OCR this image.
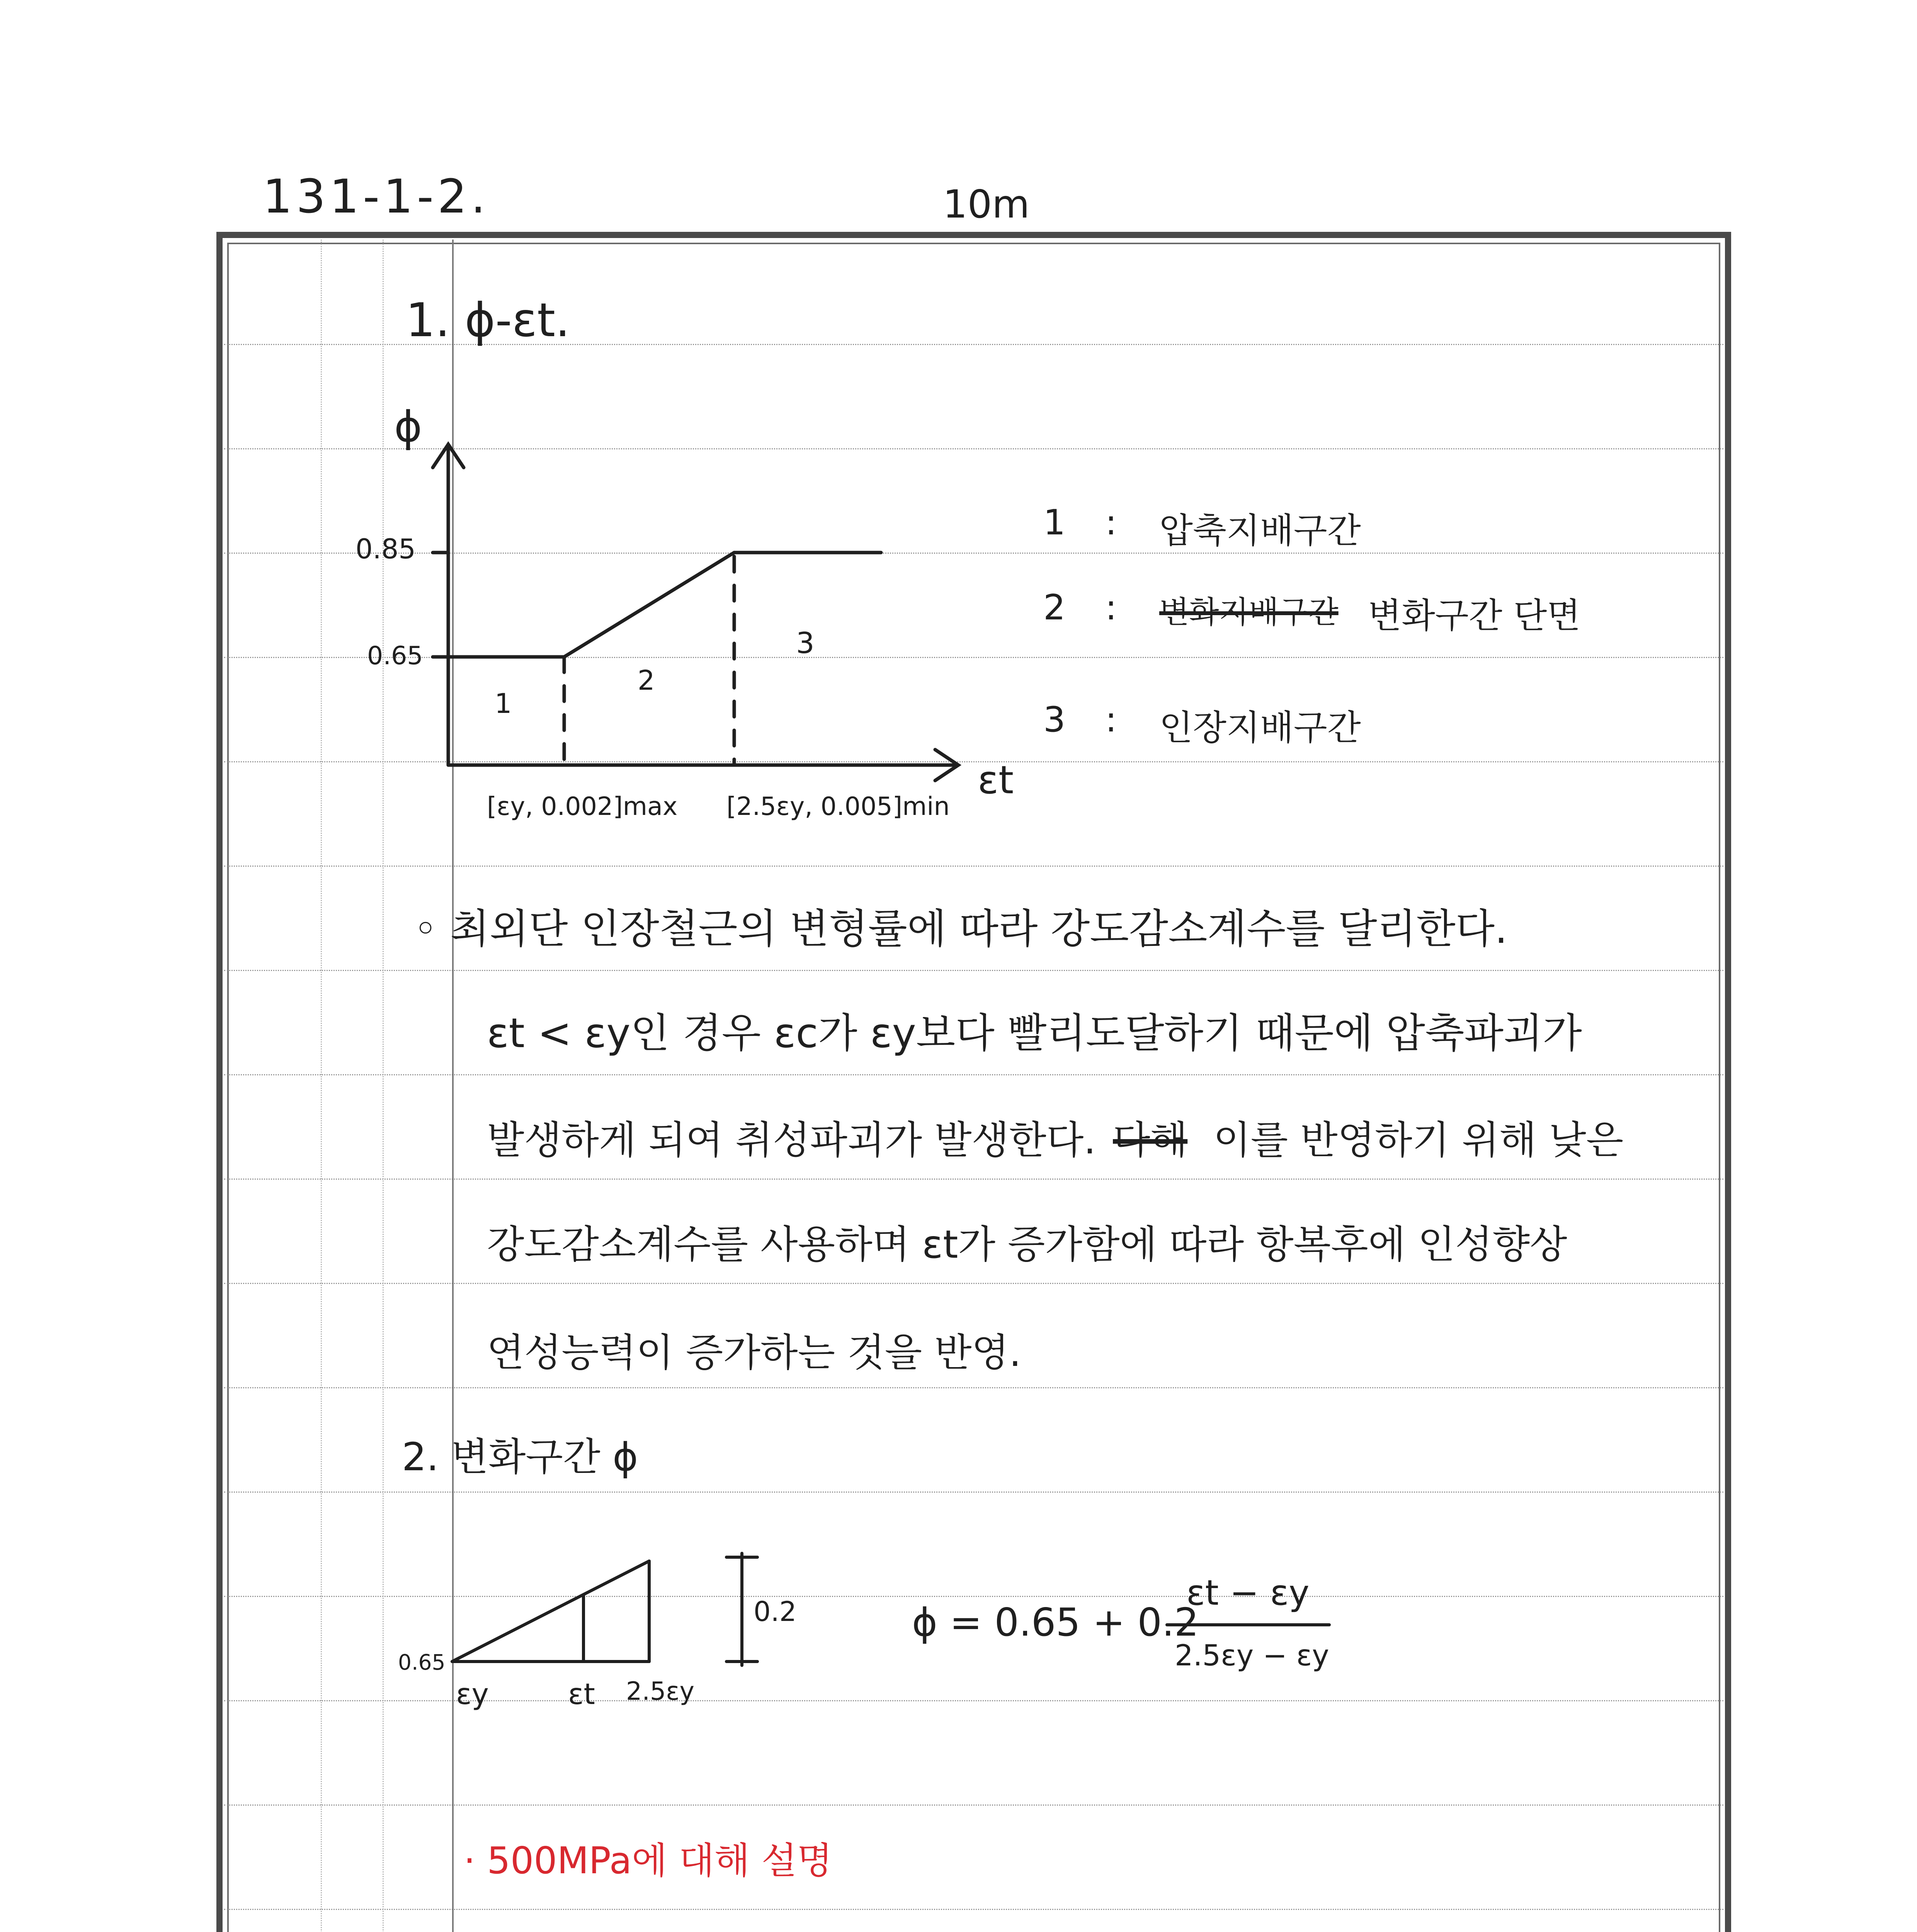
131-1-2.	10m
1. ϕ-εt.
ϕ
0.85
0.65
1
2
3
εt
[εy, 0.002]max [2.5εy, 0.005]min
1 : 압축지배구간
2 : 변화지배구간 변화구간 단면
3 : 인장지배구간
◦ 최외단 인장철근의 변형률에 따라 강도감소계수를 달리한다.
εt < εy인 경우 εc가 εy보다 빨리도달하기 때문에 압축파괴가
발생하게 되여 취성파괴가 발생한다. 다해 이를 반영하기 위해 낮은
강도감소계수를 사용하며 εt가 증가함에 따라 항복후에 인성향상
연성능력이 증가하는 것을 반영.
2. 변화구간 ϕ
0.65
0.2
εy	εt 2.5εy
ϕ = 0.65 + 0.2
εt − εy
2.5εy − εy
· 500MPa에 대해 설명
